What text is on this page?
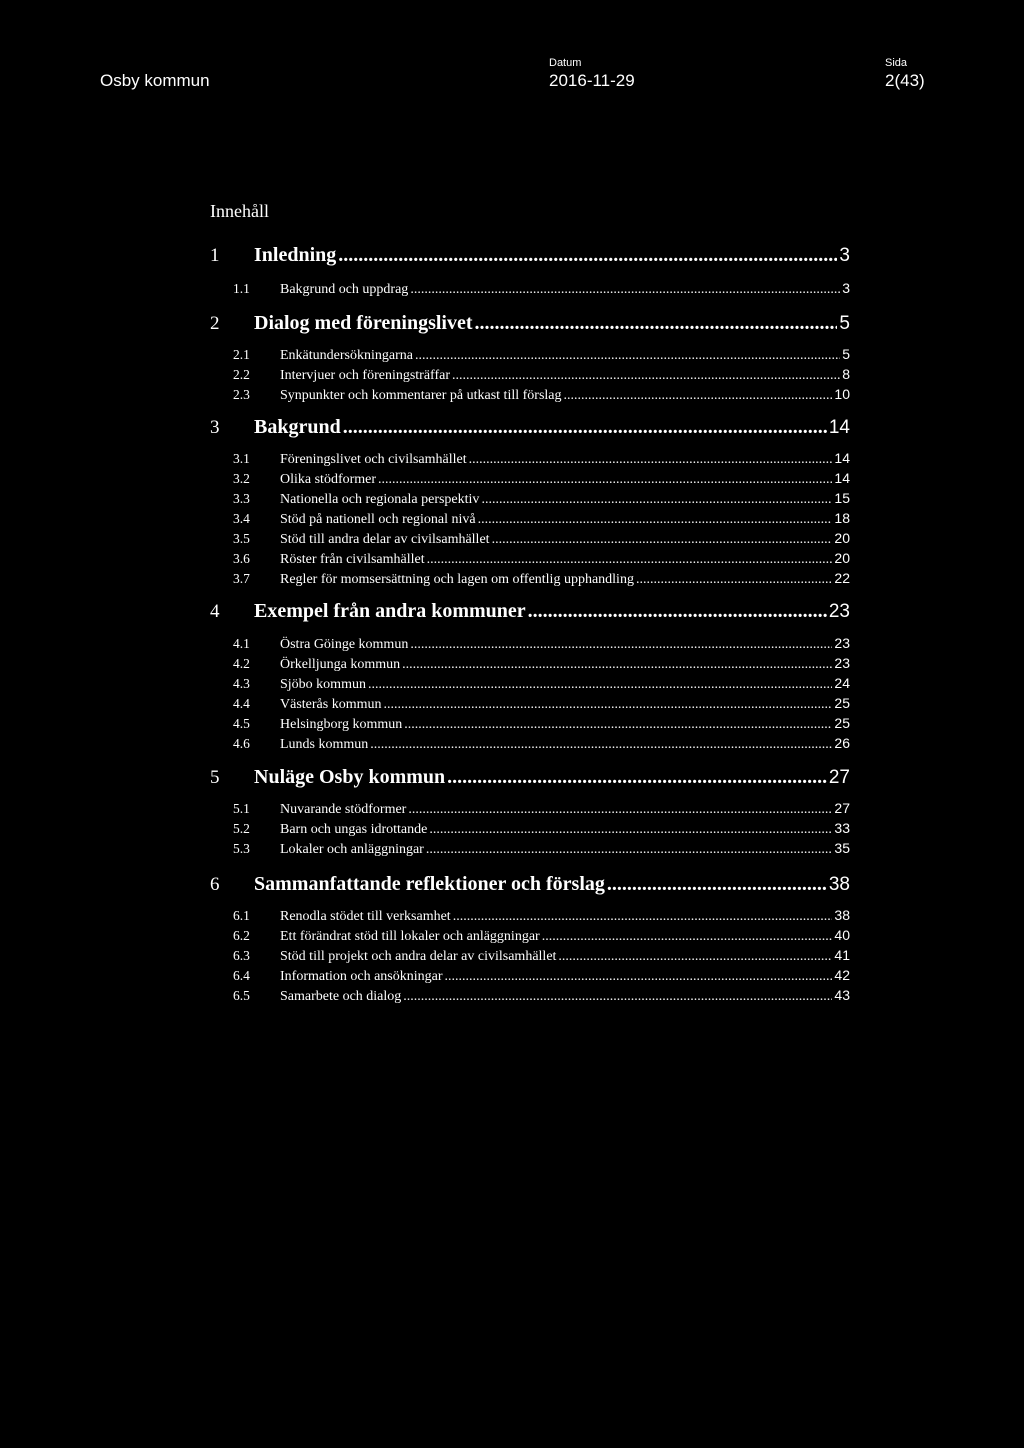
Osby kommun
Datum
2016-11-29
Sida
2(43)
Innehåll
1	Inledning .....	3
1.1	Bakgrund och uppdrag .....	3
2	Dialog med föreningslivet .....	5
2.1	Enkätundersökningarna .....	5
2.2	Intervjuer och föreningsträffar .....	8
2.3	Synpunkter och kommentarer på utkast till förslag .....	10
3	Bakgrund .....	14
3.1	Föreningslivet och civilsamhället .....	14
3.2	Olika stödformer .....	14
3.3	Nationella och regionala perspektiv .....	15
3.4	Stöd på nationell och regional nivå .....	18
3.5	Stöd till andra delar av civilsamhället .....	20
3.6	Röster från civilsamhället .....	20
3.7	Regler för momsersättning och lagen om offentlig upphandling .....	22
4	Exempel från andra kommuner .....	23
4.1	Östra Göinge kommun .....	23
4.2	Örkelljunga kommun .....	23
4.3	Sjöbo kommun .....	24
4.4	Västerås kommun .....	25
4.5	Helsingborg kommun .....	25
4.6	Lunds kommun .....	26
5	Nuläge Osby kommun .....	27
5.1	Nuvarande stödformer .....	27
5.2	Barn och ungas idrottande .....	33
5.3	Lokaler och anläggningar .....	35
6	Sammanfattande reflektioner och förslag .....	38
6.1	Renodla stödet till verksamhet .....	38
6.2	Ett förändrat stöd till lokaler och anläggningar .....	40
6.3	Stöd till projekt och andra delar av civilsamhället .....	41
6.4	Information och ansökningar .....	42
6.5	Samarbete och dialog .....	43
